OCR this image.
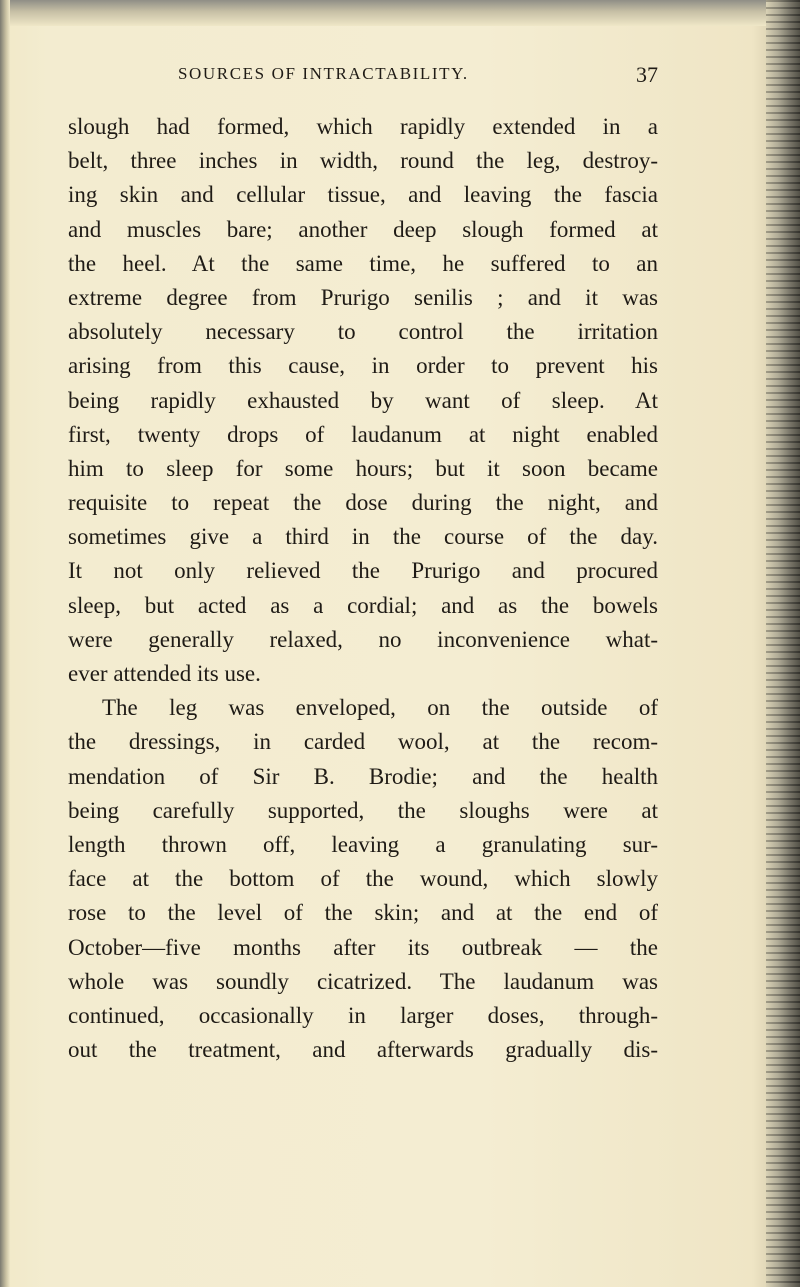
SOURCES OF INTRACTABILITY.	37
slough had formed, which rapidly extended in a
belt, three inches in width, round the leg, destroy-
ing skin and cellular tissue, and leaving the fascia
and muscles bare; another deep slough formed at
the heel. At the same time, he suffered to an
extreme degree from Prurigo senilis ; and it was
absolutely necessary to control the irritation
arising from this cause, in order to prevent his
being rapidly exhausted by want of sleep. At
first, twenty drops of laudanum at night enabled
him to sleep for some hours; but it soon became
requisite to repeat the dose during the night, and
sometimes give a third in the course of the day.
It not only relieved the Prurigo and procured
sleep, but acted as a cordial; and as the bowels
were generally relaxed, no inconvenience what-
ever attended its use.
The leg was enveloped, on the outside of
the dressings, in carded wool, at the recom-
mendation of Sir B. Brodie; and the health
being carefully supported, the sloughs were at
length thrown off, leaving a granulating sur-
face at the bottom of the wound, which slowly
rose to the level of the skin; and at the end of
October—five months after its outbreak — the
whole was soundly cicatrized. The laudanum was
continued, occasionally in larger doses, through-
out the treatment, and afterwards gradually dis-
